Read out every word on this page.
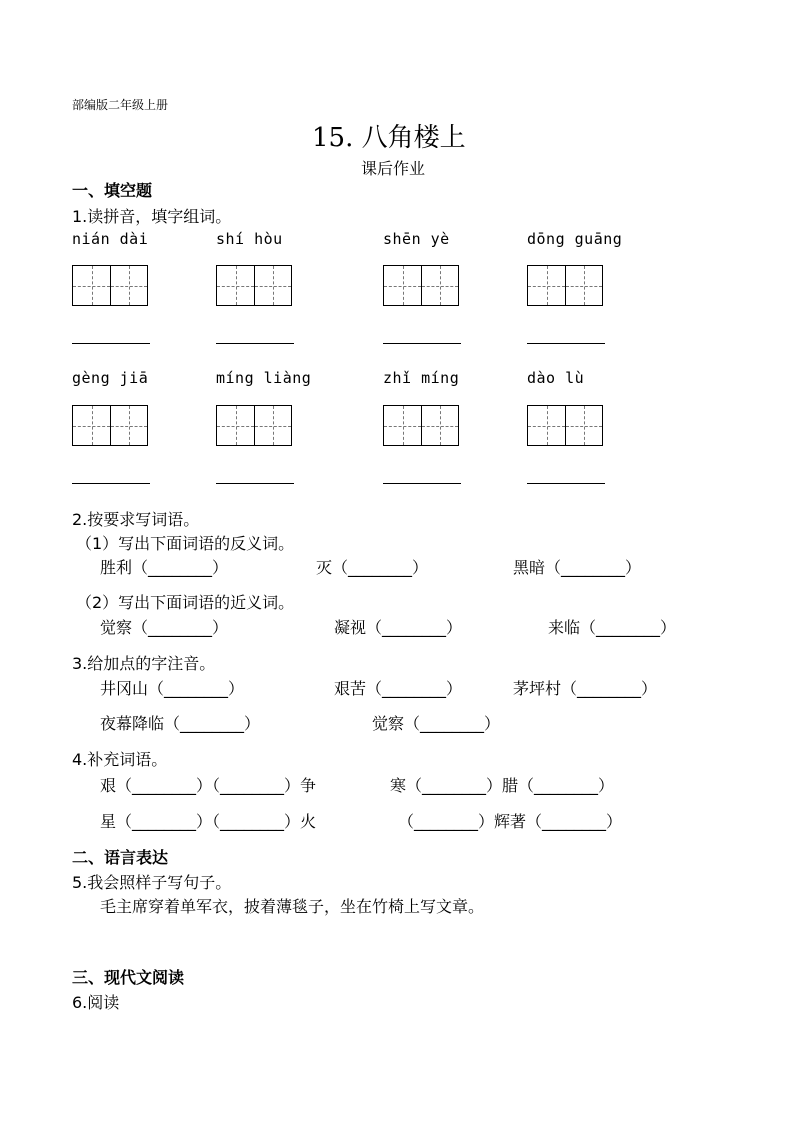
部编版二年级上册
15. 八角楼上
课后作业
一、填空题
1.读拼音，填字组词。
nián dài	shí hòu	shēn yè	dōng guāng
gèng jiā	míng liàng	zhǐ míng	dào lù
2.按要求写词语。
（1）写出下面词语的反义词。
胜利（________）	灭（________）	黑暗（________）
（2）写出下面词语的近义词。
觉察（________）	凝视（________）	来临（________）
3.给加点的字注音。
井冈山（________）	艰苦（________）	茅坪村（________）
夜幕降临（________）	觉察（________）
4.补充词语。
艰（________）（________）争	寒（________）腊（________）
星（________）（________）火	（________）辉著（________）
二、语言表达
5.我会照样子写句子。
毛主席穿着单军衣，披着薄毯子，坐在竹椅上写文章。
三、现代文阅读
6.阅读
